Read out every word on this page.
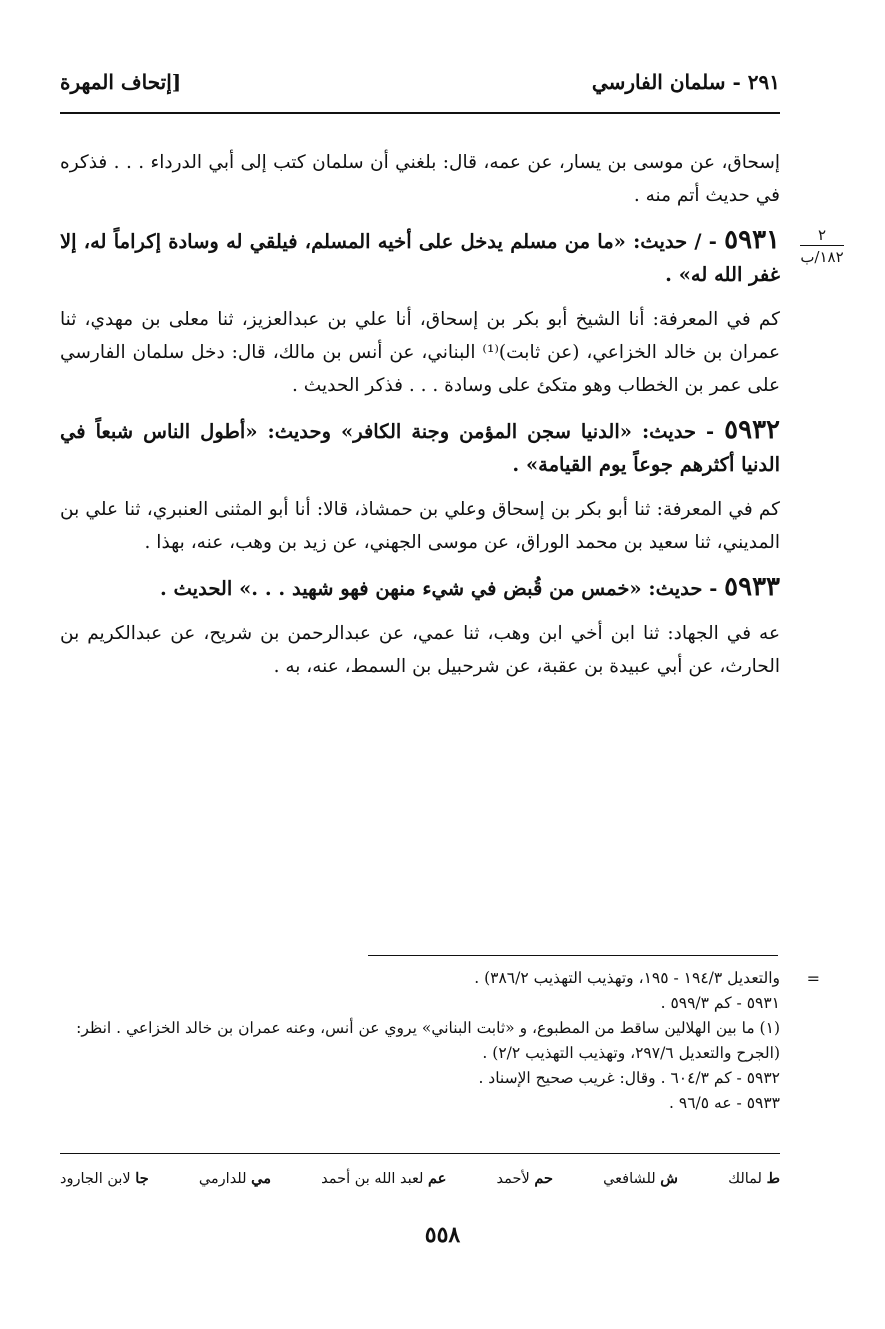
٢٩١ - سلمان الفارسي
[إتحاف المهرة
٢
١٨٢/ب

إسحاق، عن موسى بن يسار، عن عمه، قال: بلغني أن سلمان كتب إلى أبي الدرداء . . . فذكره في حديث أتم منه .

٥٩٣١ - / حديث: «ما من مسلم يدخل على أخيه المسلم، فيلقي له وسادة إكراماً له، إلا غفر الله له» .

كم في المعرفة: أنا الشيخ أبو بكر بن إسحاق، أنا علي بن عبدالعزيز، ثنا معلى بن مهدي، ثنا عمران بن خالد الخزاعي، (عن ثابت)⁽¹⁾ البناني، عن أنس بن مالك، قال: دخل سلمان الفارسي على عمر بن الخطاب وهو متكئ على وسادة . . . فذكر الحديث .

٥٩٣٢ - حديث: «الدنيا سجن المؤمن وجنة الكافر» وحديث: «أطول الناس شبعاً في الدنيا أكثرهم جوعاً يوم القيامة» .

كم في المعرفة: ثنا أبو بكر بن إسحاق وعلي بن حمشاذ، قالا: أنا أبو المثنى العنبري، ثنا علي بن المديني، ثنا سعيد بن محمد الوراق، عن موسى الجهني، عن زيد بن وهب، عنه، بهذا .

٥٩٣٣ - حديث: «خمس من قُبض في شيء منهن فهو شهيد . . .» الحديث .

عه في الجهاد: ثنا ابن أخي ابن وهب، ثنا عمي، عن عبدالرحمن بن شريح، عن عبدالكريم بن الحارث، عن أبي عبيدة بن عقبة، عن شرحبيل بن السمط، عنه، به .

=

والتعديل ١٩٤/٣ - ١٩٥، وتهذيب التهذيب ٣٨٦/٢) .

٥٩٣١ - كم ٥٩٩/٣ .

(١) ما بين الهلالين ساقط من المطبوع، و «ثابت البناني» يروي عن أنس، وعنه عمران بن خالد الخزاعي . انظر: (الجرح والتعديل ٢٩٧/٦، وتهذيب التهذيب ٢/٢) .

٥٩٣٢ - كم ٦٠٤/٣ . وقال: غريب صحيح الإسناد .

٥٩٣٣ - عه ٩٦/٥ .

ط لمالك
ش للشافعي
حم لأحمد
عم لعبد الله بن أحمد
مي للدارمي
جا لابن الجارود
٥٥٨
